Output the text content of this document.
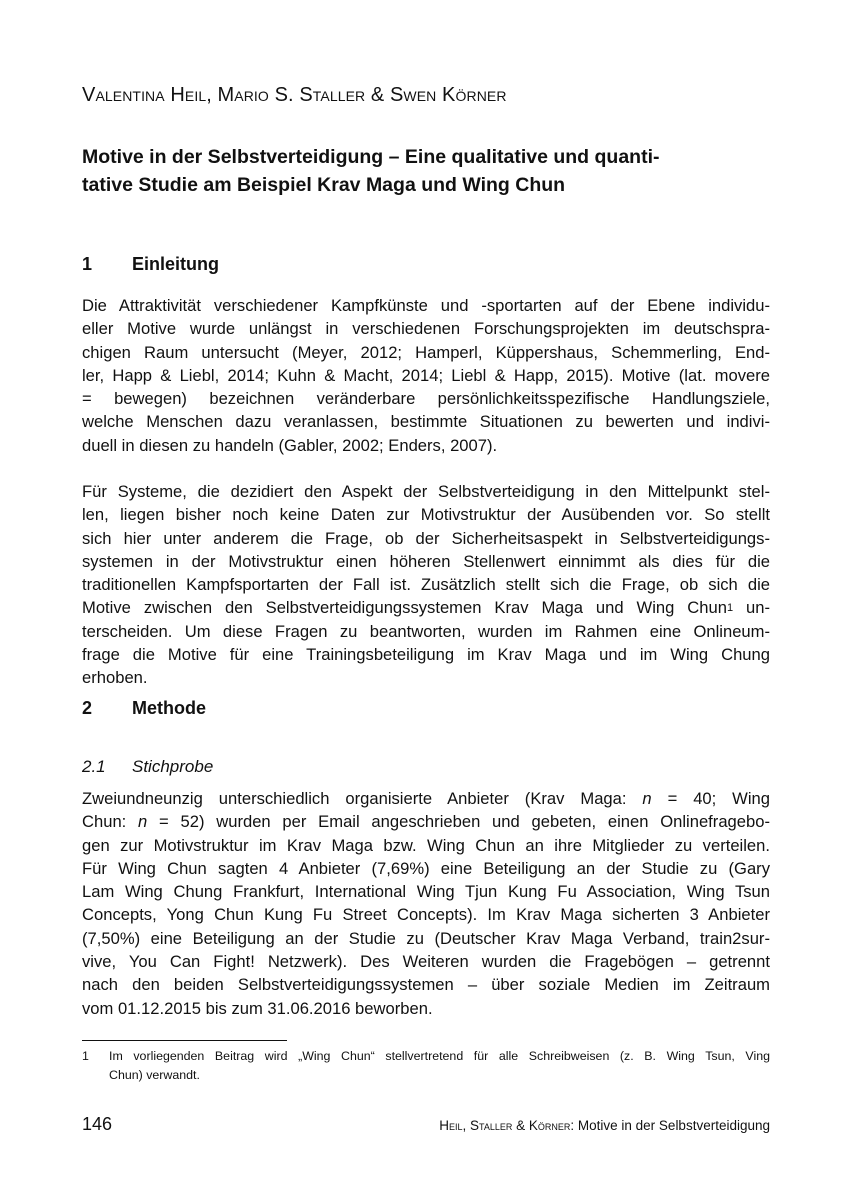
Valentina Heil, Mario S. Staller & Swen Körner
Motive in der Selbstverteidigung – Eine qualitative und quanti-
tative Studie am Beispiel Krav Maga und Wing Chun
1 Einleitung
Die Attraktivität verschiedener Kampfkünste und -sportarten auf der Ebene individu-
eller Motive wurde unlängst in verschiedenen Forschungsprojekten im deutschspra-
chigen Raum untersucht (Meyer, 2012; Hamperl, Küppershaus, Schemmerling, End-
ler, Happ & Liebl, 2014; Kuhn & Macht, 2014; Liebl & Happ, 2015). Motive (lat. movere
= bewegen) bezeichnen veränderbare persönlichkeitsspezifische Handlungsziele,
welche Menschen dazu veranlassen, bestimmte Situationen zu bewerten und indivi-
duell in diesen zu handeln (Gabler, 2002; Enders, 2007).
Für Systeme, die dezidiert den Aspekt der Selbstverteidigung in den Mittelpunkt stel-
len, liegen bisher noch keine Daten zur Motivstruktur der Ausübenden vor. So stellt
sich hier unter anderem die Frage, ob der Sicherheitsaspekt in Selbstverteidigungs-
systemen in der Motivstruktur einen höheren Stellenwert einnimmt als dies für die
traditionellen Kampfsportarten der Fall ist. Zusätzlich stellt sich die Frage, ob sich die
Motive zwischen den Selbstverteidigungssystemen Krav Maga und Wing Chun$^1$ un-
terscheiden. Um diese Fragen zu beantworten, wurden im Rahmen eine Onlineum-
frage die Motive für eine Trainingsbeteiligung im Krav Maga und im Wing Chung
erhoben.
2 Methode
2.1 Stichprobe
Zweiundneunzig unterschiedlich organisierte Anbieter (Krav Maga: n = 40; Wing
Chun: n = 52) wurden per Email angeschrieben und gebeten, einen Onlinefragebo-
gen zur Motivstruktur im Krav Maga bzw. Wing Chun an ihre Mitglieder zu verteilen.
Für Wing Chun sagten 4 Anbieter (7,69%) eine Beteiligung an der Studie zu (Gary
Lam Wing Chung Frankfurt, International Wing Tjun Kung Fu Association, Wing Tsun
Concepts, Yong Chun Kung Fu Street Concepts). Im Krav Maga sicherten 3 Anbieter
(7,50%) eine Beteiligung an der Studie zu (Deutscher Krav Maga Verband, train2sur-
vive, You Can Fight! Netzwerk). Des Weiteren wurden die Fragebögen – getrennt
nach den beiden Selbstverteidigungssystemen – über soziale Medien im Zeitraum
vom 01.12.2015 bis zum 31.06.2016 beworben.
1 Im vorliegenden Beitrag wird „Wing Chun“ stellvertretend für alle Schreibweisen (z. B. Wing Tsun, Ving
Chun) verwandt.
146	Heil, Staller & Körner: Motive in der Selbstverteidigung
